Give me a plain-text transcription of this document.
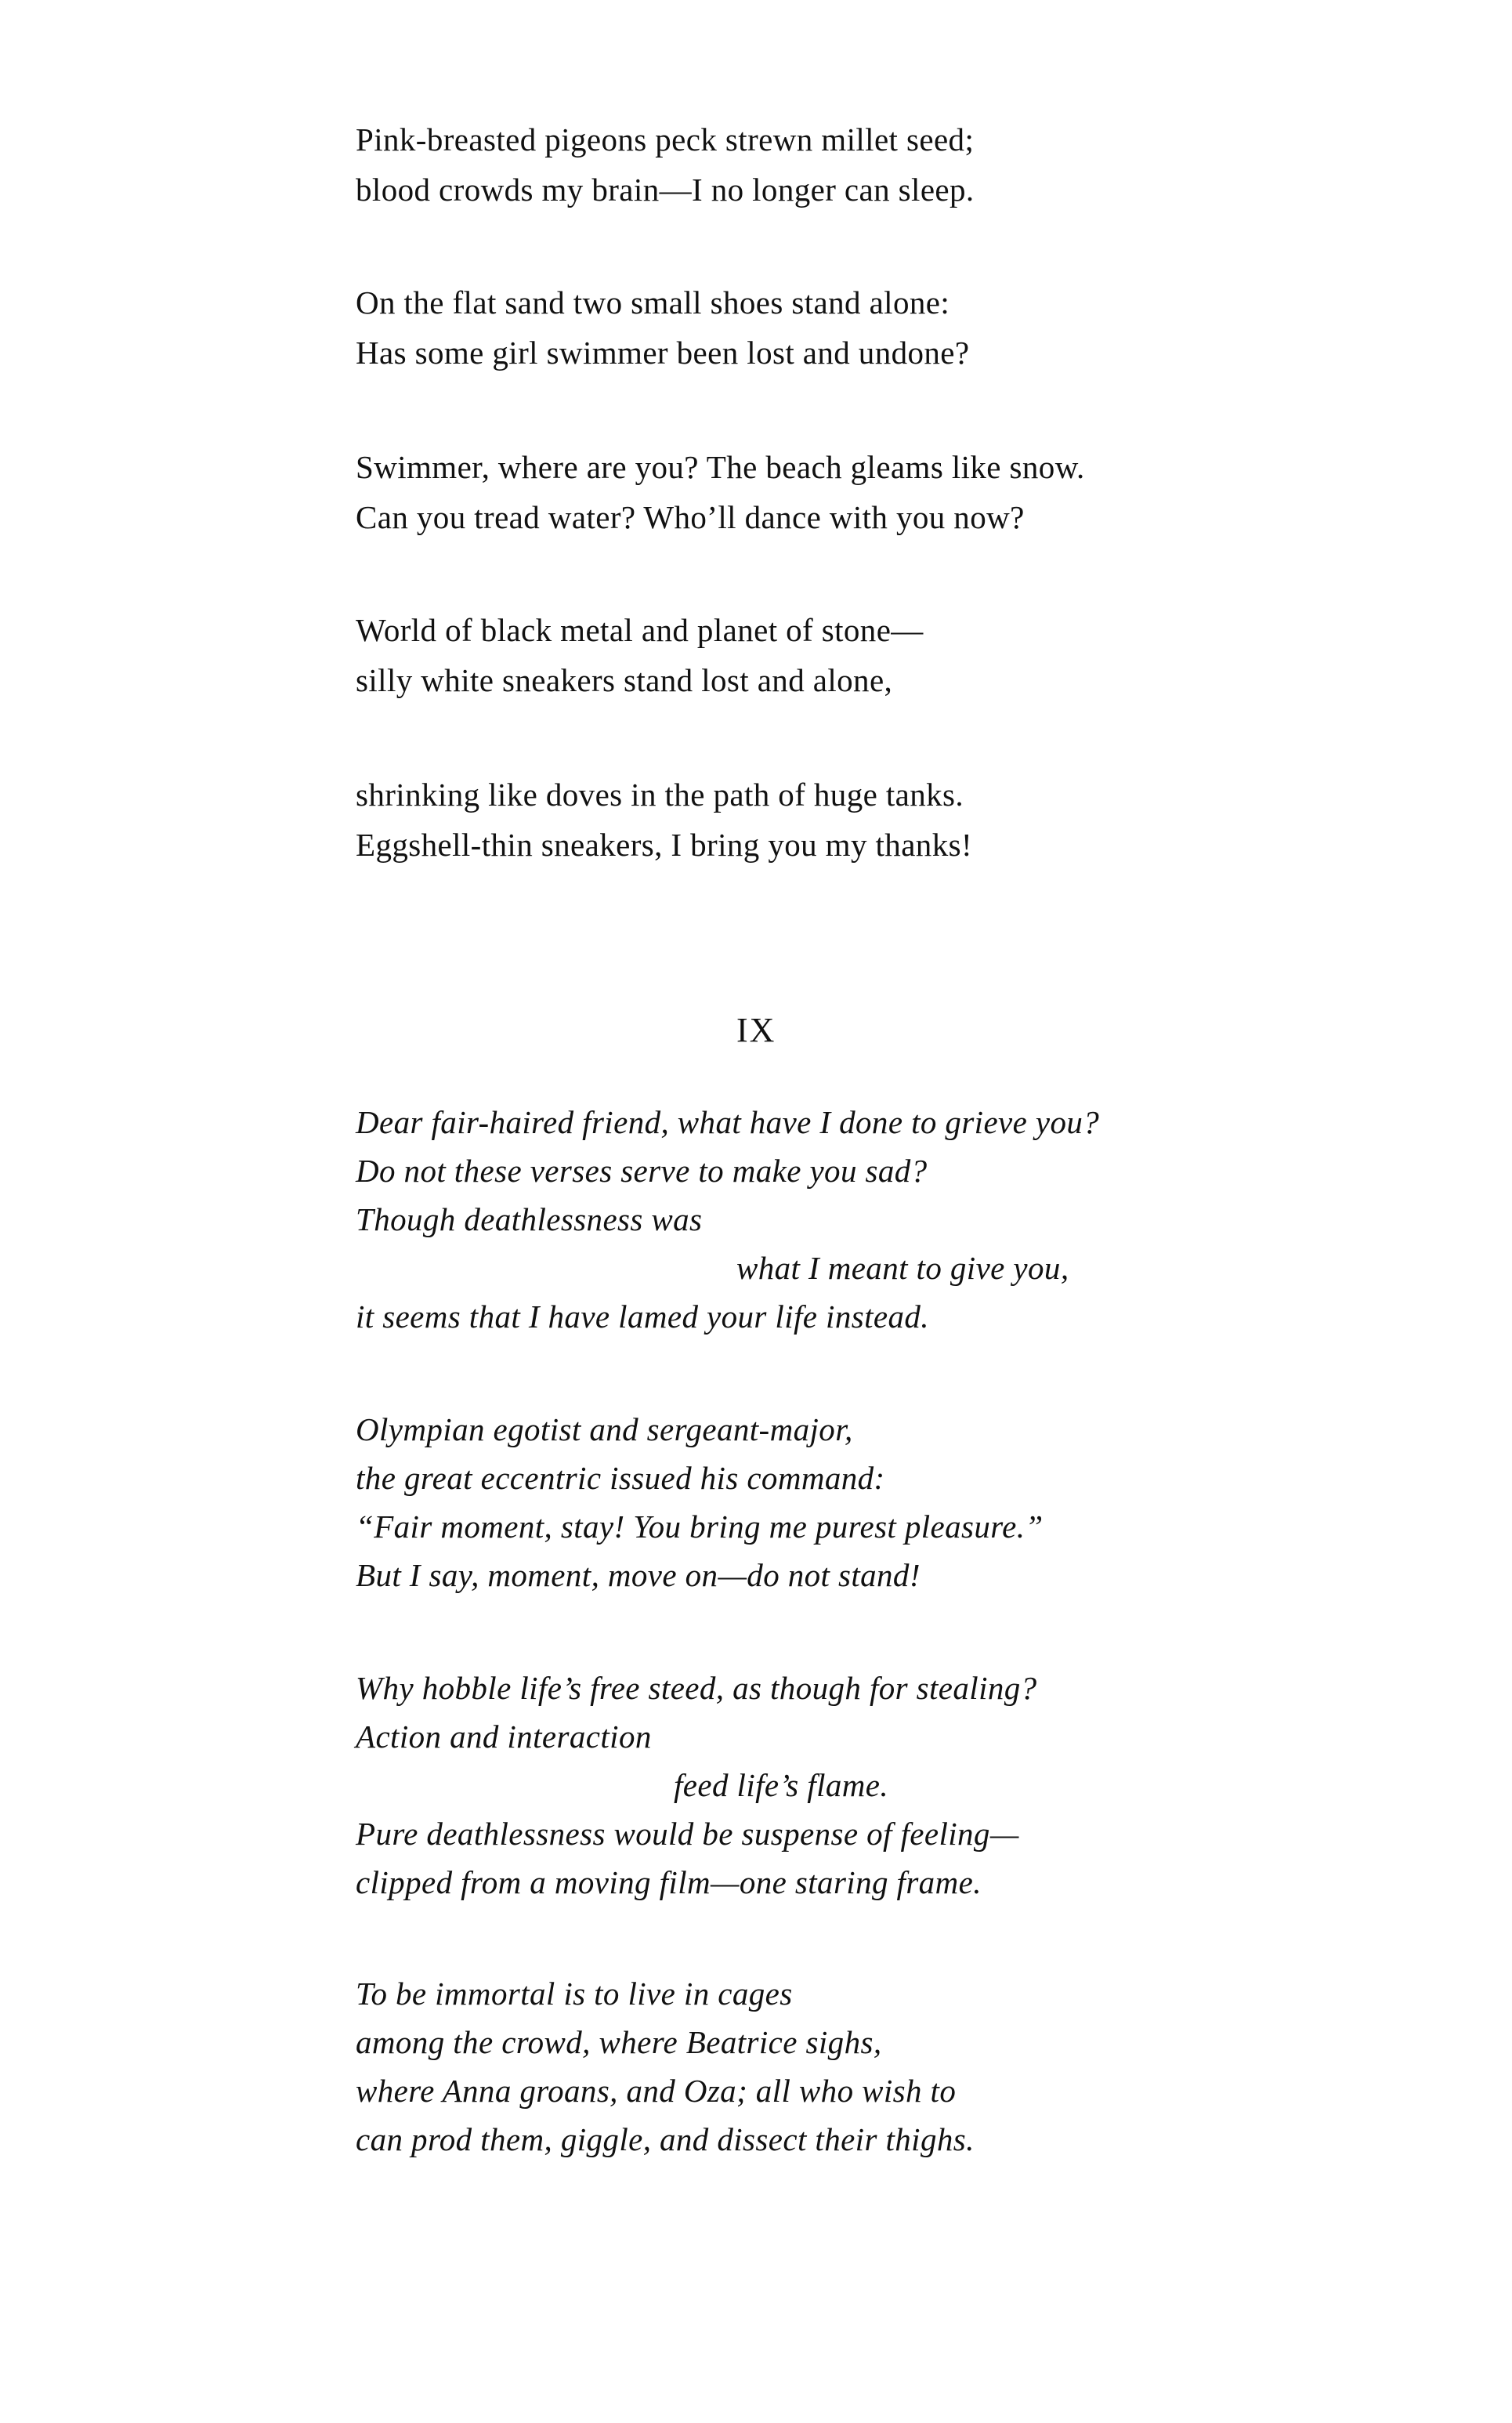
Pink-breasted pigeons peck strewn millet seed;
blood crowds my brain—I no longer can sleep.
On the flat sand two small shoes stand alone:
Has some girl swimmer been lost and undone?
Swimmer, where are you? The beach gleams like snow.
Can you tread water? Who’ll dance with you now?
World of black metal and planet of stone—
silly white sneakers stand lost and alone,
shrinking like doves in the path of huge tanks.
Eggshell-thin sneakers, I bring you my thanks!
IX
Dear fair-haired friend, what have I done to grieve you?
Do not these verses serve to make you sad?
Though deathlessness was
what I meant to give you,
it seems that I have lamed your life instead.
Olympian egotist and sergeant-major,
the great eccentric issued his command:
“Fair moment, stay! You bring me purest pleasure.”
But I say, moment, move on—do not stand!
Why hobble life’s free steed, as though for stealing?
Action and interaction
feed life’s flame.
Pure deathlessness would be suspense of feeling—
clipped from a moving film—one staring frame.
To be immortal is to live in cages
among the crowd, where Beatrice sighs,
where Anna groans, and Oza; all who wish to
can prod them, giggle, and dissect their thighs.
